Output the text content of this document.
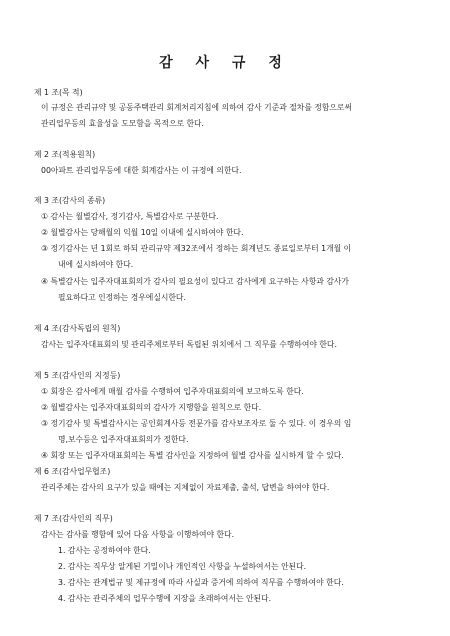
감 사 규 정
제 1 조(목 적)
이 규정은 관리규약 및 공동주택관리 회계처리지침에 의하여 감사 기준과 절차를 정함으로써
관리업무등의 효율성을 도모함을 목적으로 한다.
제 2 조(적용원칙)
00아파트 관리업무등에 대한 회계감사는 이 규정에 의한다.
제 3 조(감사의 종류)
① 감사는 월별감사, 정기감사, 특별감사로 구분한다.
② 월별감사는 당해월의 익월 10일 이내에 실시하여야 한다.
③ 정기감사는 년 1회로 하되 관리규약 제32조에서 정하는 회계년도 종료일로부터 1개월 이
내에 실시하여야 한다.
④ 특별감사는 입주자대표회의가 감사의 필요성이 있다고 감사에게 요구하는 사항과 감사가
필요하다고 인정하는 경우에실시한다.
제 4 조(감사독립의 원칙)
감사는 입주자대표회의 및 관리주체로부터 독립된 위치에서 그 직무를 수행하여야 한다.
제 5 조(감사인의 지정등)
① 회장은 감사에게 매월 감사를 수행하여 입주자대표회의에 보고하도록 한다.
② 월별감사는 입주자대표회의의 감사가 지행함을 원칙으로 한다.
③ 정기감사 및 특별감사시는 공인회계사등 전문가를 감사보조자로 둘 수 있다. 이 경우의 임
명,보수등은 입주자대표회의가 정한다.
④ 회장 또는 입주자대표회의는 특별 감사인을 지정하여 월별 감사를 실시하게 할 수 있다.
제 6 조(감사업무협조)
관리주체는 감사의 요구가 있을 때에는 지체없이 자료제출, 출석, 답변을 하여야 한다.
제 7 조(감사인의 직무)
감사는 감사를 행함에 있어 다음 사항을 이행하여야 한다.
1. 감사는 공정하여야 한다.
2. 감사는 직무상 알게된 기밀이나 개인적인 사항을 누설하여서는 안된다.
3. 감사는 관계법규 및 제규정에 따라 사실과 증거에 의하여 직무를 수행하여야 한다.
4. 감사는 관리주체의 업무수행에 지장을 초래하여서는 안된다.
